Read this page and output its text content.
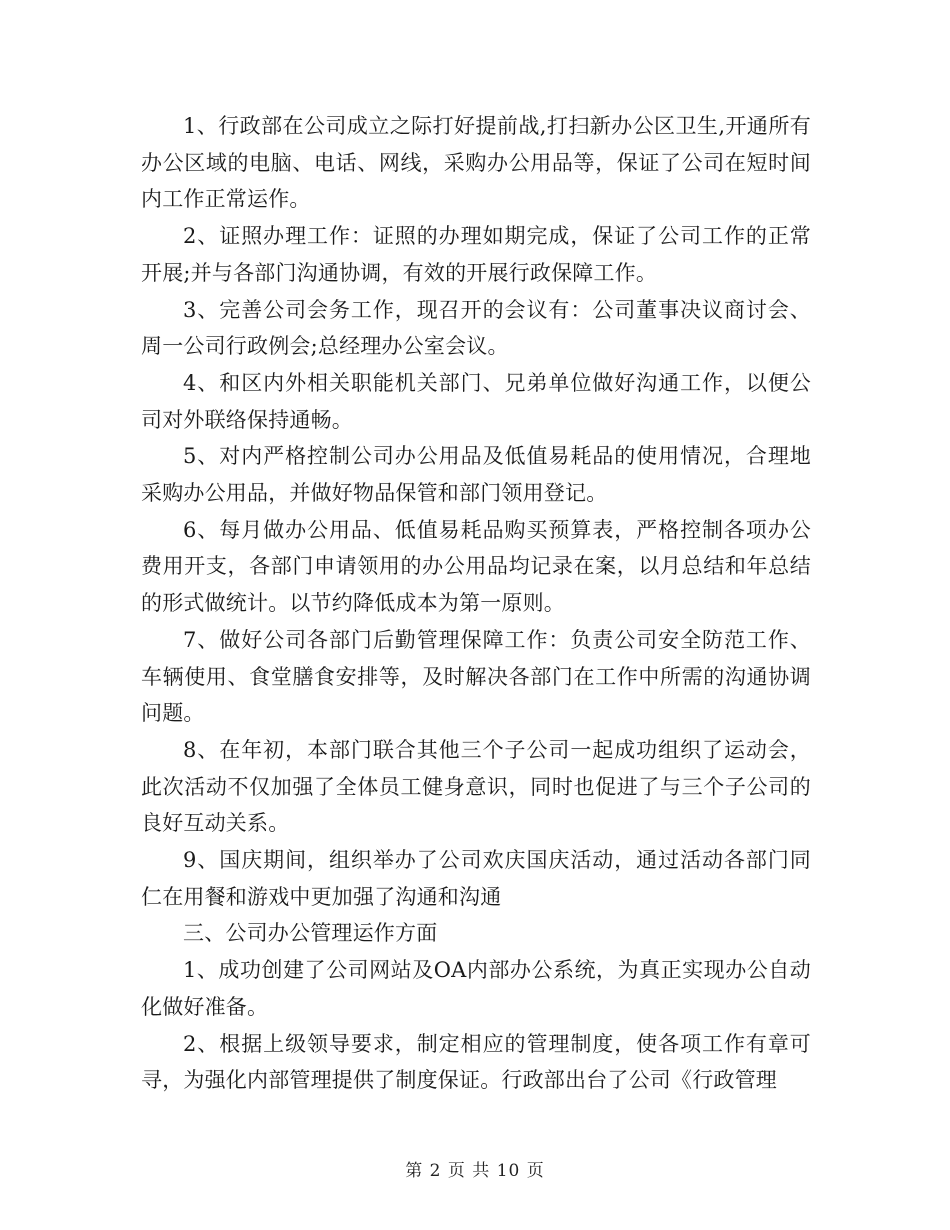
1、行政部在公司成立之际打好提前战,打扫新办公区卫生,开通所有办公区域的电脑、电话、网线，采购办公用品等，保证了公司在短时间内工作正常运作。

2、证照办理工作：证照的办理如期完成，保证了公司工作的正常开展;并与各部门沟通协调，有效的开展行政保障工作。

3、完善公司会务工作，现召开的会议有：公司董事决议商讨会、周一公司行政例会;总经理办公室会议。

4、和区内外相关职能机关部门、兄弟单位做好沟通工作，以便公司对外联络保持通畅。

5、对内严格控制公司办公用品及低值易耗品的使用情况，合理地采购办公用品，并做好物品保管和部门领用登记。

6、每月做办公用品、低值易耗品购买预算表，严格控制各项办公费用开支，各部门申请领用的办公用品均记录在案，以月总结和年总结的形式做统计。以节约降低成本为第一原则。

7、做好公司各部门后勤管理保障工作：负责公司安全防范工作、车辆使用、食堂膳食安排等，及时解决各部门在工作中所需的沟通协调问题。

8、在年初，本部门联合其他三个子公司一起成功组织了运动会，此次活动不仅加强了全体员工健身意识，同时也促进了与三个子公司的良好互动关系。

9、国庆期间，组织举办了公司欢庆国庆活动，通过活动各部门同仁在用餐和游戏中更加强了沟通和沟通

三、公司办公管理运作方面

1、成功创建了公司网站及OA内部办公系统，为真正实现办公自动化做好准备。

2、根据上级领导要求，制定相应的管理制度，使各项工作有章可寻，为强化内部管理提供了制度保证。行政部出台了公司《行政管理

第 2 页 共 10 页
